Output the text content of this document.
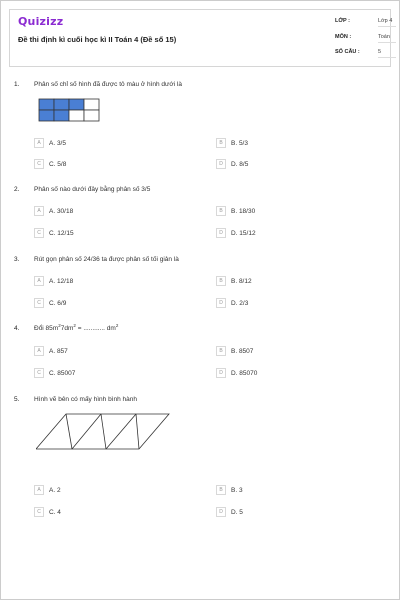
Quizizz
Đề thi định kì cuối học kì II Toán 4 (Đề số 15)
LỚP :	Lớp 4
MÔN :	Toán
SỐ CÂU :	5
1. Phân số chỉ số hình đã được tô màu ở hình dưới là
A	A. 3/5	B	B. 5/3
C	C. 5/8	D	D. 8/5
2. Phân số nào dưới đây bằng phân số 3/5
A	A. 30/18	B	B. 18/30
C	C. 12/15	D	D. 15/12
3. Rút gọn phân số 24/36 ta được phân số tối giản là
A	A. 12/18	B	B. 8/12
C	C. 6/9	D	D. 2/3
4. Đổi $85m^27dm^2$ = ............ $dm^2$
A	A. 857	B	B. 8507
C	C. 85007	D	D. 85070
5. Hình vẽ bên có mấy hình bình hành
A	A. 2	B	B. 3
C	C. 4	D	D. 5
